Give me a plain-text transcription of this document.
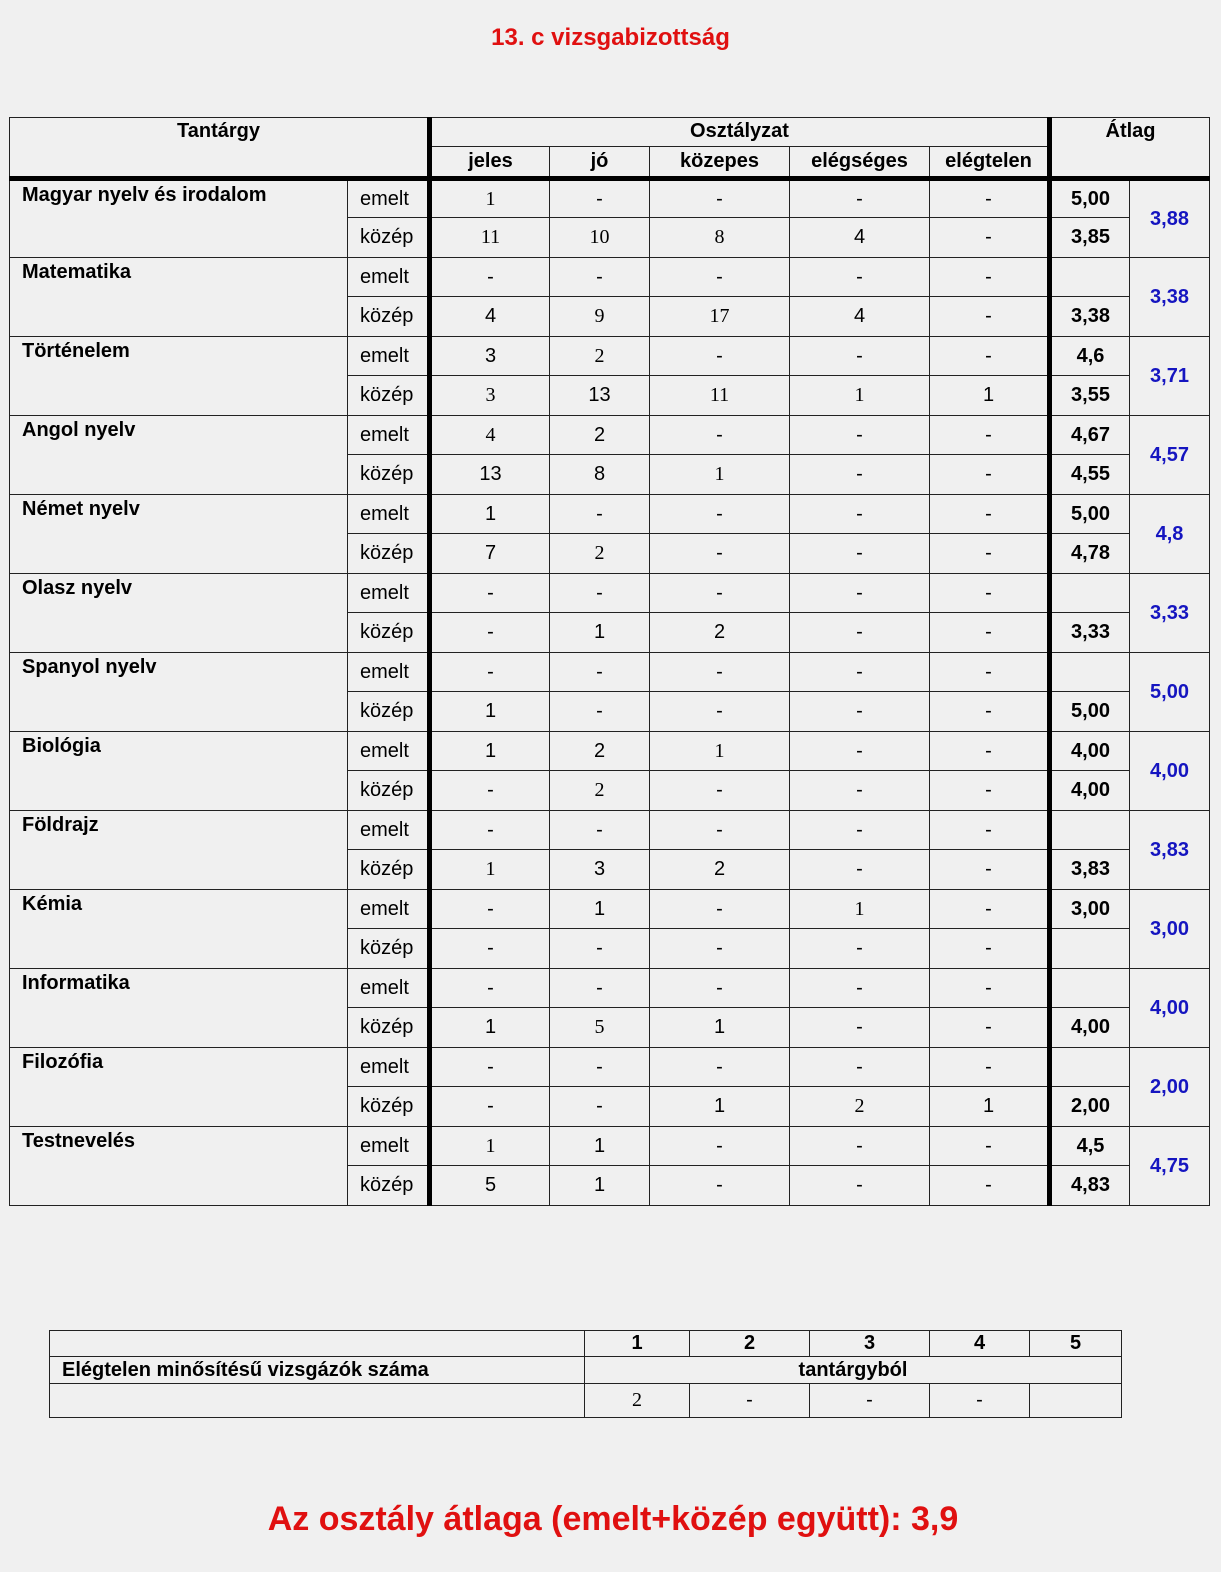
13. c vizsgabizottság
Tantárgy		Osztályzat					Átlag	
		jeles	jó	közepes	elégséges	elégtelen		
Magyar nyelv és irodalom	emelt	1	-	-	-	-	5,00	3,88
	közép	11	10	8	4	-	3,85	
Matematika	emelt	-	-	-	-	-		3,38
	közép	4	9	17	4	-	3,38	
Történelem	emelt	3	2	-	-	-	4,6	3,71
	közép	3	13	11	1	1	3,55	
Angol nyelv	emelt	4	2	-	-	-	4,67	4,57
	közép	13	8	1	-	-	4,55	
Német nyelv	emelt	1	-	-	-	-	5,00	4,8
	közép	7	2	-	-	-	4,78	
Olasz nyelv	emelt	-	-	-	-	-		3,33
	közép	-	1	2	-	-	3,33	
Spanyol nyelv	emelt	-	-	-	-	-		5,00
	közép	1	-	-	-	-	5,00	
Biológia	emelt	1	2	1	-	-	4,00	4,00
	közép	-	2	-	-	-	4,00	
Földrajz	emelt	-	-	-	-	-		3,83
	közép	1	3	2	-	-	3,83	
Kémia	emelt	-	1	-	1	-	3,00	3,00
	közép	-	-	-	-	-		
Informatika	emelt	-	-	-	-	-		4,00
	közép	1	5	1	-	-	4,00	
Filozófia	emelt	-	-	-	-	-		2,00
	közép	-	-	1	2	1	2,00	
Testnevelés	emelt	1	1	-	-	-	4,5	4,75
	közép	5	1	-	-	-	4,83	
	1	2	3	4	5
Elégtelen minősítésű vizsgázók száma	tantárgyból				
	2	-	-	-	
Az osztály átlaga (emelt+közép együtt): 3,9
